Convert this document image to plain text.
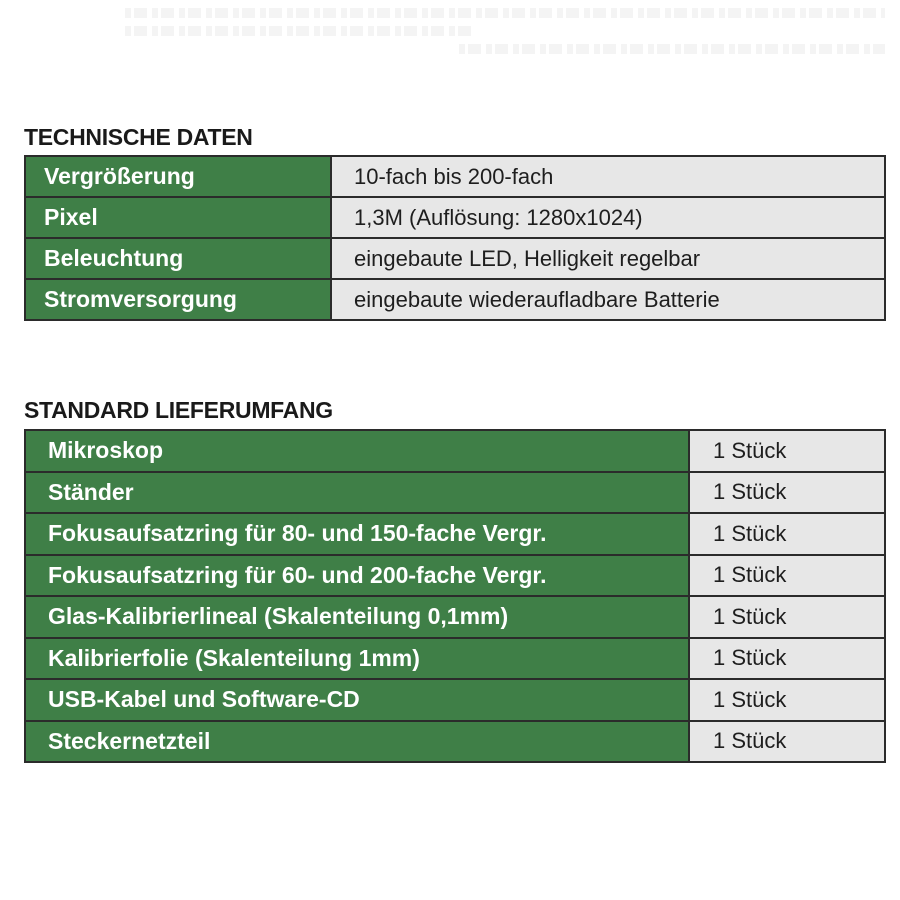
TECHNISCHE DATEN
Vergrößerung	10-fach bis 200-fach
Pixel	1,3M (Auflösung: 1280x1024)
Beleuchtung	eingebaute LED, Helligkeit regelbar
Stromversorgung	eingebaute wiederaufladbare Batterie
STANDARD LIEFERUMFANG
Mikroskop	1 Stück
Ständer	1 Stück
Fokusaufsatzring für 80- und 150-fache Vergr.	1 Stück
Fokusaufsatzring für 60- und 200-fache Vergr.	1 Stück
Glas-Kalibrierlineal (Skalenteilung 0,1mm)	1 Stück
Kalibrierfolie (Skalenteilung 1mm)	1 Stück
USB-Kabel und Software-CD	1 Stück
Steckernetzteil	1 Stück
